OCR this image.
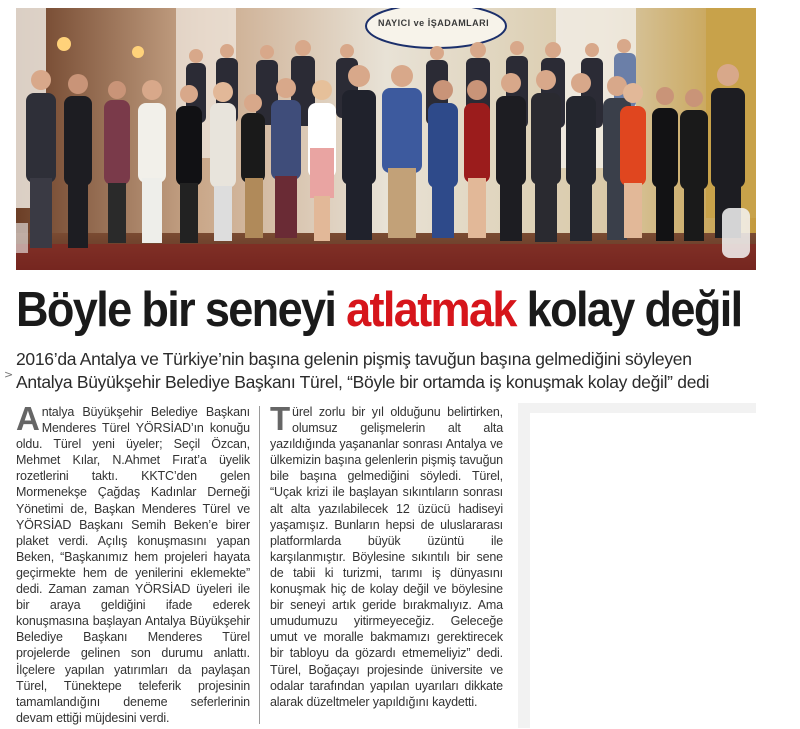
NAYICI ve İŞADAMLARI
Böyle bir seneyi atlatmak kolay değil
>
2016’da Antalya ve Türkiye’nin başına gelenin pişmiş tavuğun başına gelmediğini söyleyen
Antalya Büyükşehir Belediye Başkanı Türel, “Böyle bir ortamda iş konuşmak kolay değil” dedi
Antalya Büyükşehir Belediye Başkanı Menderes Türel YÖRSİAD’ın konuğu oldu. Türel yeni üyeler; Seçil Özcan, Mehmet Kılar, N.Ahmet Fırat’a üyelik rozetlerini taktı. KKTC’den gelen Mormenekşe Çağdaş Kadınlar Derneği Yönetimi de, Başkan Menderes Türel ve YÖRSİAD Başkanı Semih Beken’e birer plaket verdi. Açılış konuşmasını yapan Beken, “Başkanımız hem projeleri hayata geçirmekte hem de yenilerini eklemekte” dedi. Zaman zaman YÖRSİAD üyeleri ile bir araya geldiğini ifade ederek konuşmasına başlayan Antalya Büyükşehir Belediye Başkanı Menderes Türel projelerde gelinen son durumu anlattı. İlçelere yapılan yatırımları da paylaşan Türel, Tünektepe teleferik projesinin tamamlandığını deneme seferlerinin devam ettiği müjdesini verdi.
Türel zorlu bir yıl olduğunu belirtirken, olumsuz gelişmelerin alt alta yazıldığında yaşananlar sonrası Antalya ve ülkemizin başına gelenlerin pişmiş tavuğun bile başına gelmediğini söyledi. Türel, “Uçak krizi ile başlayan sıkıntıların sonrası alt alta yazılabilecek 12 üzücü hadiseyi yaşamışız. Bunların hepsi de uluslararası platformlarda büyük üzüntü ile karşılanmıştır. Böylesine sıkıntılı bir sene de tabii ki turizmi, tarımı iş dünyasını konuşmak hiç de kolay değil ve böylesine bir seneyi artık geride bırakmalıyız. Ama umudumuzu yitirmeyeceğiz. Geleceğe umut ve moralle bakmamızı gerektirecek bir tabloyu da gözardı etmemeliyiz” dedi. Türel, Boğaçayı projesinde üniversite ve odalar tarafından yapılan uyarıları dikkate alarak düzeltmeler yapıldığını kaydetti.
